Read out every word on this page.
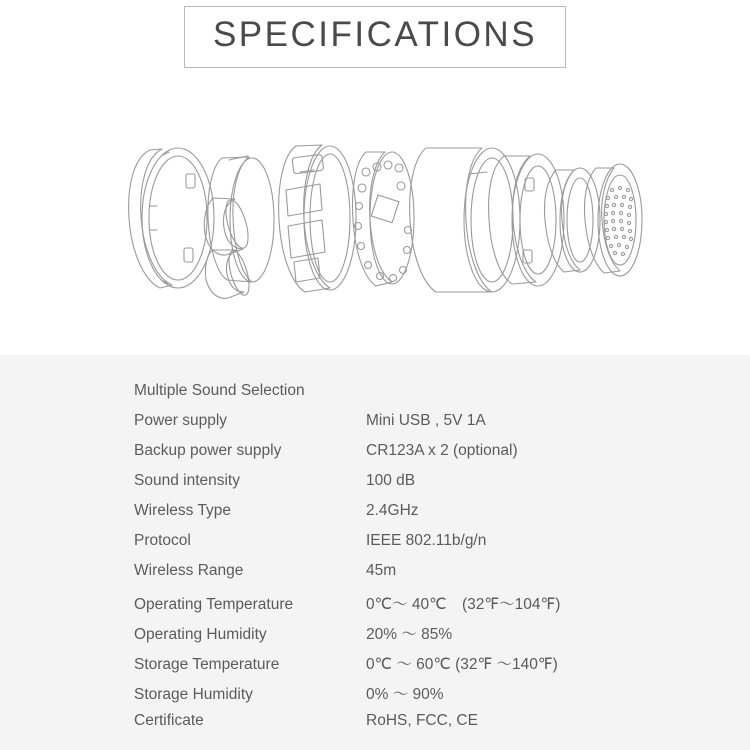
SPECIFICATIONS
Multiple Sound Selection
Power supply	Mini USB , 5V 1A
Backup power supply	CR123A x 2 (optional)
Sound intensity	100 dB
Wireless Type	2.4GHz
Protocol	IEEE 802.11b/g/n
Wireless Range	45m
Operating Temperature	0℃～ 40℃　(32℉～104℉)
Operating Humidity	20% ～ 85%
Storage Temperature	0℃ ～ 60℃ (32℉ ～140℉)
Storage Humidity	0% ～ 90%
Certificate	RoHS, FCC, CE
